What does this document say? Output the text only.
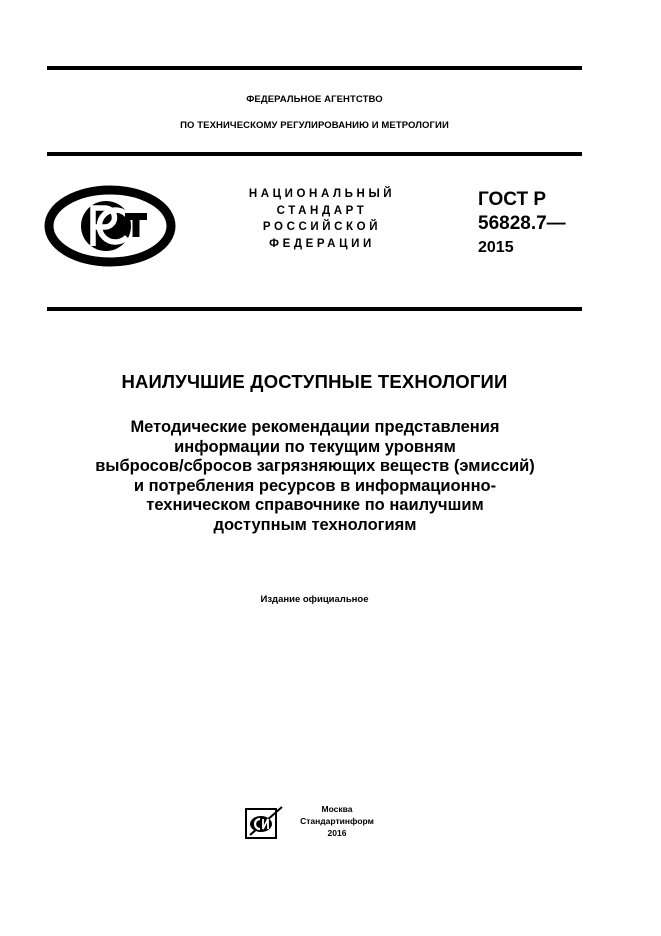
ФЕДЕРАЛЬНОЕ АГЕНТСТВО
ПО ТЕХНИЧЕСКОМУ РЕГУЛИРОВАНИЮ И МЕТРОЛОГИИ
НАЦИОНАЛЬНЫЙ
СТАНДАРТ
РОССИЙСКОЙ
ФЕДЕРАЦИИ
ГОСТ Р
56828.7—
2015
НАИЛУЧШИЕ ДОСТУПНЫЕ ТЕХНОЛОГИИ
Методические рекомендации представления
информации по текущим уровням
выбросов/сбросов загрязняющих веществ (эмиссий)
и потребления ресурсов в информационно-
техническом справочнике по наилучшим
доступным технологиям
Издание официальное
Москва
Стандартинформ
2016
